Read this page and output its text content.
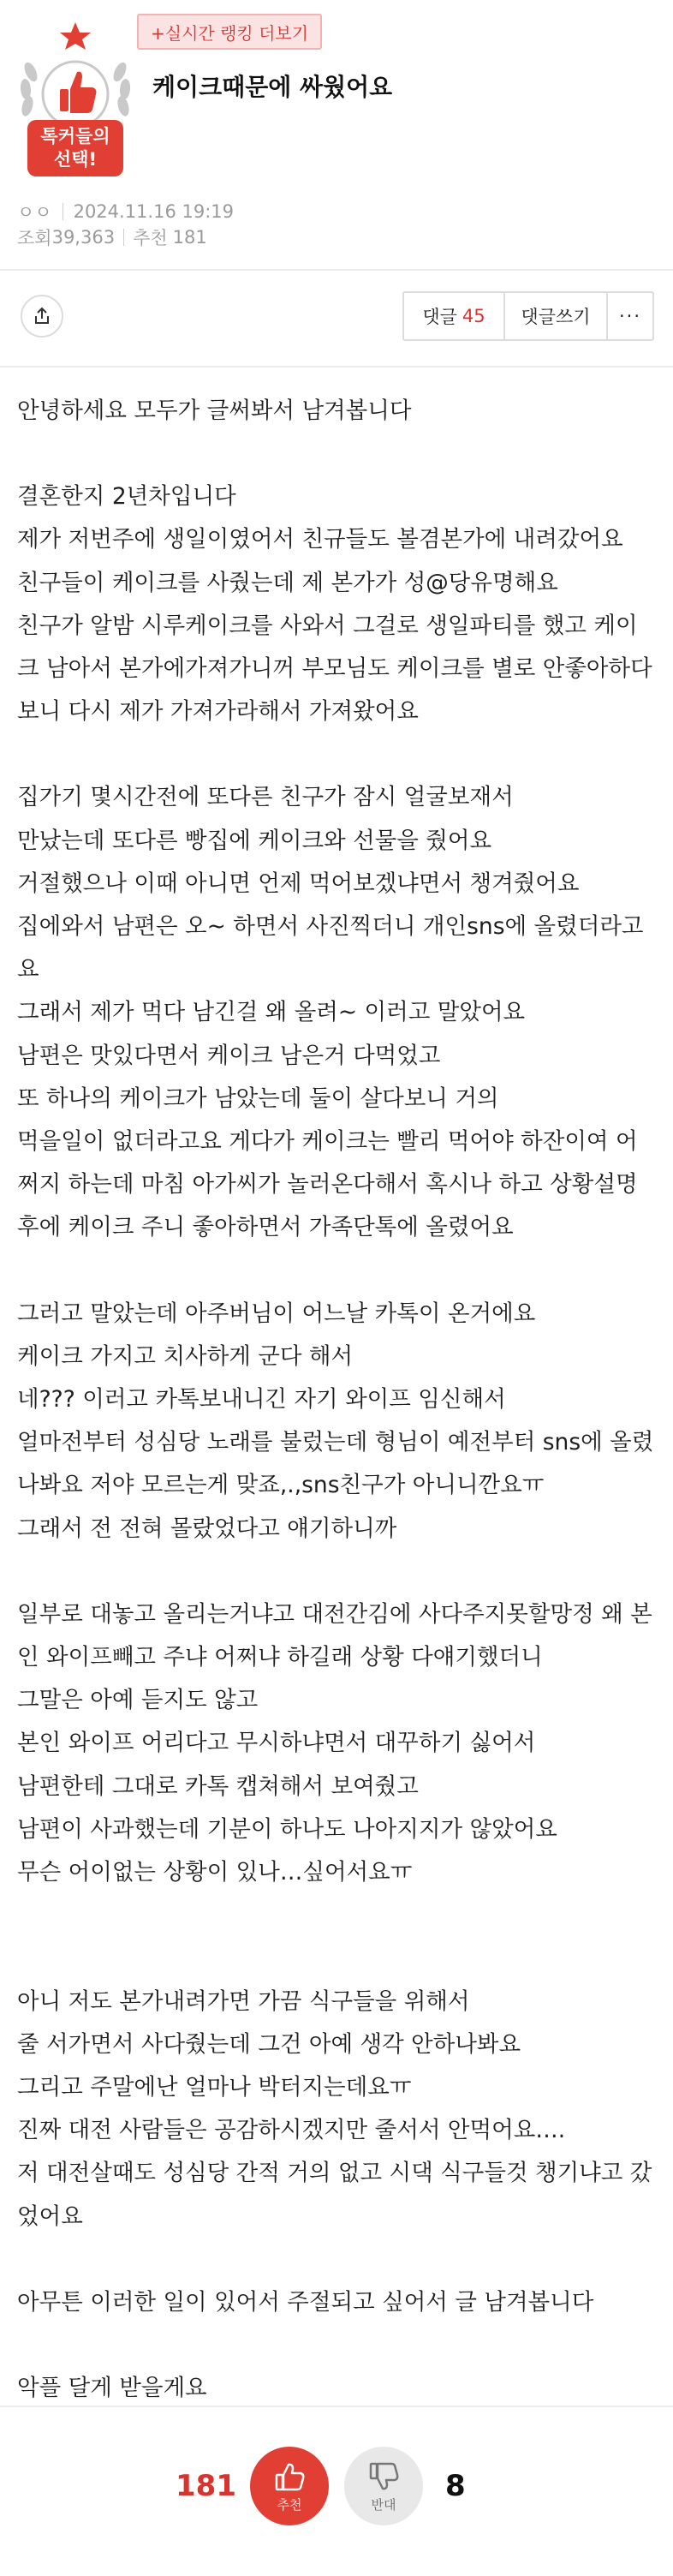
톡커들의
선택!
+실시간 랭킹 더보기
케이크때문에 싸웠어요
ㅇㅇ 2024.11.16 19:19
조회 39,363 추천 181
댓글 45	댓글쓰기	···

안녕하세요 모두가 글써봐서 남겨봅니다

결혼한지 2년차입니다
제가 저번주에 생일이였어서 친규들도 볼겸본가에 내려갔어요
친구들이 케이크를 사줬는데 제 본가가 성@당유명해요
친구가 알밤 시루케이크를 사와서 그걸로 생일파티를 했고 케이크 남아서 본가에가져가니꺼 부모님도 케이크를 별로 안좋아하다보니 다시 제가 가져가라해서 가져왔어요

집가기 몇시간전에 또다른 친구가 잠시 얼굴보재서
만났는데 또다른 빵집에 케이크와 선물을 줬어요
거절했으나 이때 아니면 언제 먹어보겠냐면서 챙겨줬어요
집에와서 남편은 오~ 하면서 사진찍더니 개인sns에 올렸더라고요
그래서 제가 먹다 남긴걸 왜 올려~ 이러고 말았어요
남편은 맛있다면서 케이크 남은거 다먹었고
또 하나의 케이크가 남았는데 둘이 살다보니 거의
먹을일이 없더라고요 게다가 케이크는 빨리 먹어야 하잔이여 어쩌지 하는데 마침 아가씨가 놀러온다해서 혹시나 하고 상황설명후에 케이크 주니 좋아하면서 가족단톡에 올렸어요

그러고 말았는데 아주버님이 어느날 카톡이 온거에요
케이크 가지고 치사하게 군다 해서
네??? 이러고 카톡보내니긴 자기 와이프 임신해서
얼마전부터 성심당 노래를 불렀는데 형님이 예전부터 sns에 올렸나봐요 저야 모르는게 맞죠,.,sns친구가 아니니깐요ㅠ
그래서 전 전혀 몰랐었다고 얘기하니까

일부로 대놓고 올리는거냐고 대전간김에 사다주지못할망정 왜 본인 와이프빼고 주냐 어쩌냐 하길래 상황 다얘기했더니
그말은 아예 듣지도 않고
본인 와이프 어리다고 무시하냐면서 대꾸하기 싫어서
남편한테 그대로 카톡 캡쳐해서 보여줬고
남편이 사과했는데 기분이 하나도 나아지지가 않았어요
무슨 어이없는 상황이 있나…싶어서요ㅠ

아니 저도 본가내려가면 가끔 식구들을 위해서
줄 서가면서 사다줬는데 그건 아예 생각 안하나봐요
그리고 주말에난 얼마나 박터지는데요ㅠ
진짜 대전 사람들은 공감하시겠지만 줄서서 안먹어요….
저 대전살때도 성심당 간적 거의 없고 시댁 식구들것 챙기냐고 갔었어요

아무튼 이러한 일이 있어서 주절되고 싶어서 글 남겨봅니다

악플 달게 받을게요

181
추천	반대
8
